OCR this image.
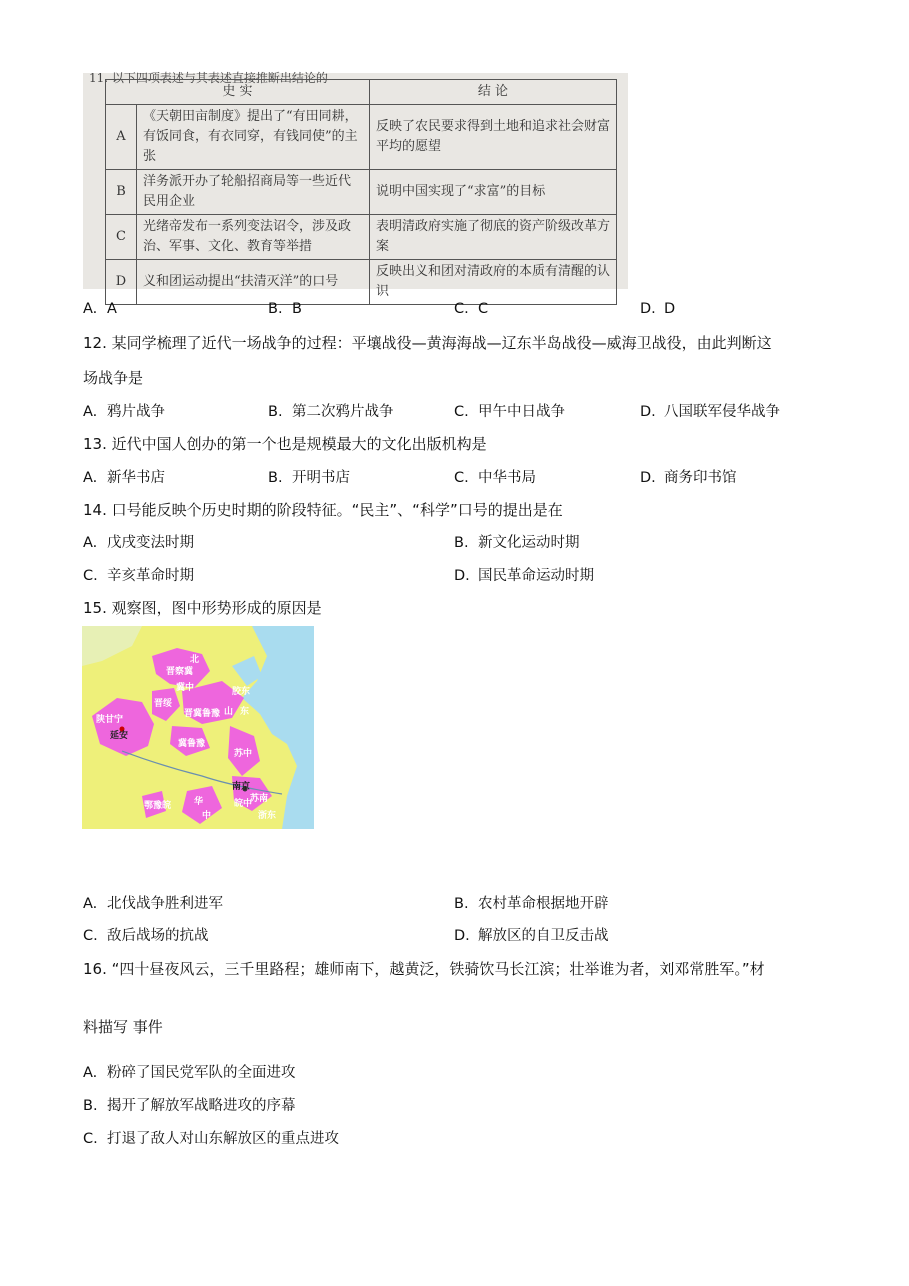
11. 以下四项表述与其表述直接推断出结论的
史 实		结 论
A	《天朝田亩制度》提出了“有田同耕，有饭同食，有衣同穿，有钱同使”的主张	反映了农民要求得到土地和追求社会财富平均的愿望
B	洋务派开办了轮船招商局等一些近代民用企业	说明中国实现了“求富”的目标
C	光绪帝发布一系列变法诏令，涉及政治、军事、文化、教育等举措	表明清政府实施了彻底的资产阶级改革方案
D	义和团运动提出“扶清灭洋”的口号	反映出义和团对清政府的本质有清醒的认识
A. A	B. B	C. C	D. D
12. 某同学梳理了近代一场战争的过程：平壤战役—黄海海战—辽东半岛战役—威海卫战役，由此判断这
场战争是
A. 鸦片战争	B. 第二次鸦片战争	C. 甲午中日战争	D. 八国联军侵华战争
13. 近代中国人创办的第一个也是规模最大的文化出版机构是
A. 新华书店	B. 开明书店	C. 中华书局	D. 商务印书馆
14. 口号能反映个历史时期的阶段特征。“民主”、“科学”口号的提出是在
A. 戊戌变法时期	B. 新文化运动时期
C. 辛亥革命时期	D. 国民革命运动时期
15. 观察图，图中形势形成的原因是
北
晋察冀
陕甘宁
延安
晋冀鲁豫 山 东
冀鲁豫
苏中
南京
苏南
皖中
华
中	浙东
鄂豫皖
晋绥
胶东
冀中
A. 北伐战争胜利进军	B. 农村革命根据地开辟
C. 敌后战场的抗战	D. 解放区的自卫反击战
16. “四十昼夜风云，三千里路程；雄师南下，越黄泛，铁骑饮马长江滨；壮举谁为者，刘邓常胜军。”材
料描写 事件
A. 粉碎了国民党军队的全面进攻
B. 揭开了解放军战略进攻的序幕
C. 打退了敌人对山东解放区的重点进攻
